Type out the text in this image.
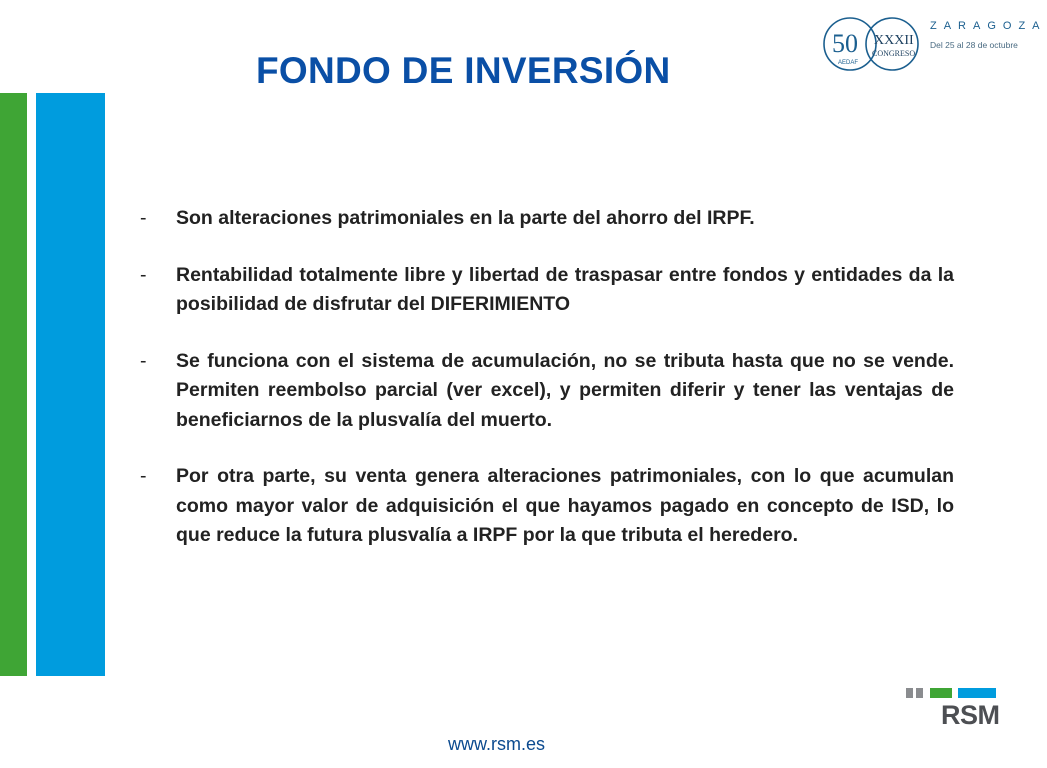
FONDO DE INVERSIÓN
-	Son alteraciones patrimoniales en la parte del ahorro del IRPF.
-	Rentabilidad totalmente libre y libertad de traspasar entre fondos y entidades da la posibilidad de disfrutar del DIFERIMIENTO
-	Se funciona con el sistema de acumulación, no se tributa hasta que no se vende. Permiten reembolso parcial (ver excel), y permiten diferir y tener las ventajas de beneficiarnos de la plusvalía del muerto.
-	Por otra parte, su venta genera alteraciones patrimoniales, con lo que acumulan como mayor valor de adquisición el que hayamos pagado en concepto de ISD, lo que reduce la futura plusvalía a IRPF por la que tributa el heredero.
50
AEDAF
XXXII
CONGRESO
ZARAGOZA
Del 25 al 28 de octubre
www.rsm.es
RSM
